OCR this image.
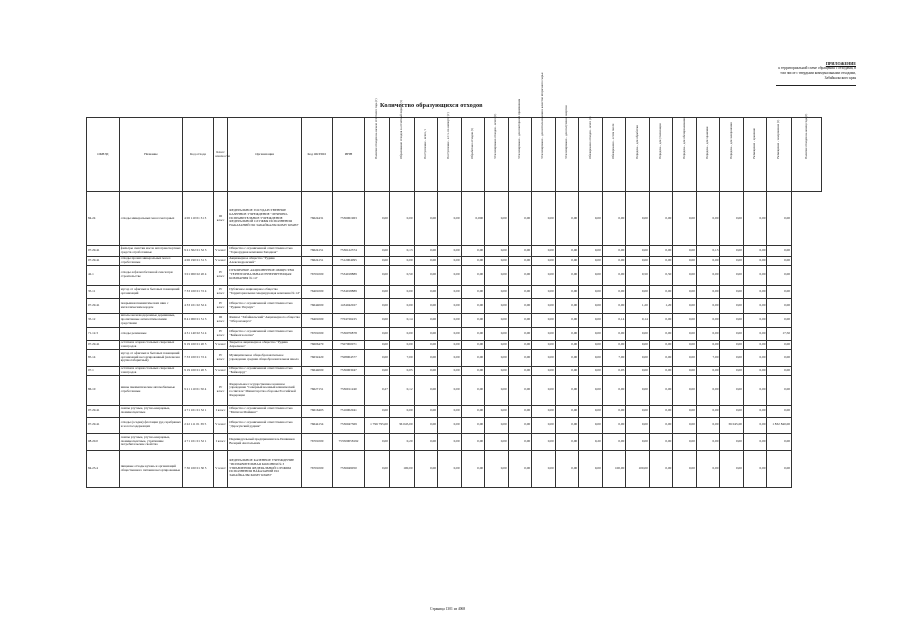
ПРИЛОЖЕНИЕ
к территориальной схеме обращения с отходами, в
том числе с твердыми коммунальными отходами,
Забайкальского края
Количество образующихся отходов
ОКВЭД	Название	Код отхода	Класс опасности	Организация	Код ОКТМО	ИНН	Наличие отходов на начало отчетного года (т)	Образование отходов за отчетный период (т)	Поступление - всего, т	Поступление - в т.ч. по импорту (т)	Обработано отходов (т)	Утилизировано отходов - всего (т)	Утилизировано - для повторного применения	Утилизировано - для использования в качестве вторичного сырья	Утилизировано - для получения энергии	Обезврежено отходов - всего (т)	Обезврежено - в том числе	Передача - для обработки	Передача - для утилизации	Передача - для обезвреживания	Передача - для хранения	Передача - для захоронения	Размещение - хранение	Размещение - захоронение (т)	Наличие отходов на конец года (т)

84.24	отходы минеральных масел моторных	4 06 110 01 31 3	III класс	ФЕДЕРАЛЬНОЕ ГОСУДАРСТВЕННОЕ КАЗЕННОЕ УЧРЕЖДЕНИЕ "ЛЕЧЕБНО-ИСПРАВИТЕЛЬНОЕ УЧРЕЖДЕНИЕ ФЕДЕРАЛЬНОЙ СЛУЖБЫ ИСПОЛНЕНИЯ НАКАЗАНИЙ ПО ЗАБАЙКАЛЬСКОМУ КРАЮ"	76624431	7536061963	0,00	0,00	0,00	0,00	0,000	0,00	0,00	0,00	0,00	0,00	0,00	0,00	0,00	0,00	0,00	0,00	0,00	0,00	
07.29.41	фильтры очистки масла автотранспортных средств отработанные	9 21 302 01 52 3	V класс	Общество с ограниченной ответственностью "Горнорудная компания Западная"	76624151	7536122374	0,00	0,13	0,00	0,00	0,00	0,00	0,00	0,00	0,00	0,00	0,00	0,00	0,00	0,00	0,13	0,00	0,00	0,00	
07.29.41	отходы прочих минеральных масел отработанные	4 06 190 01 31 3	V класс	Акционерное общество "Рудник Александровский"	76624151	7512004095	0,00	0,00	0,00	0,00	0,00	0,00	0,00	0,00	0,00	0,00	0,00	0,00	0,00	0,00	0,00	0,00	0,00	0,00	
42.1	отходы асфальтобетонной смеси при строительстве	3 01 000 02 20 4	IV класс	ПУБЛИЧНОЕ АКЦИОНЕРНОЕ ОБЩЕСТВО "ТЕРРИТОРИАЛЬНАЯ ГЕНЕРИРУЮЩАЯ КОМПАНИЯ № 14"	76701000	7534018889	0,00	0,50	0,00	0,00	0,00	0,00	0,00	0,00	0,00	0,00	0,00	0,50	0,50	0,00	0,00	0,00	0,00	0,00	
35.11	мусор от офисных и бытовых помещений организаций	7 33 100 01 72 4	IV класс	Публичное акционерное общество "Территориальная генерирующая компания № 14"	76401000	7534018889	0,00	0,00	0,00	0,00	0,00	0,00	0,00	0,00	0,00	0,00	0,00	0,00	0,00	0,00	0,00	0,00	0,00	0,00	
07.29.41	покрышки пневматических шин с металлическим кордом	4 33 101 02 52 4	IV класс	Общество с ограниченной ответственностью "Рудник Ушумун"	76644000	1434042027	0,00	0,00	0,00	0,00	0,00	0,00	0,00	0,00	0,00	0,00	0,00	1,20	1,20	0,00	0,00	0,00	0,00	0,00	
35.12	шпалы железнодорожные деревянные, пропитанные антисептическими средствами	8 41 000 01 51 3	III класс	Филиал "Забайкальский" Акционерного общества "Оборонэнерго"	76401000	7704726225	0,00	0,14	0,00	0,00	0,00	0,00	0,00	0,00	0,00	0,00	0,14	0,14	0,00	0,00	0,00	0,00	0,00	0,00	
71.12.3	отходы резиновые	4 31 140 02 51 4	IV класс	Общество с ограниченной ответственностью "Байкалгеология"	76701000	7536076878	0,00	0,00	0,00	0,00	0,00	0,00	0,00	0,00	0,00	0,00	0,00	0,00	0,00	0,00	0,00	0,00	0,00	17,50	
07.29.41	остатки и огарки стальных сварочных электродов	9 19 100 01 20 5	V класс	Закрытое акционерное общество "Рудник Апрелково"	76606470	7507000071	0,00	0,00	0,00	0,00	0,00	0,00	0,00	0,00	0,00	0,00	0,00	0,00	0,00	0,00	0,00	0,00	0,00	0,00	
85.14	мусор от офисных и бытовых помещений организаций несортированный (исключая крупногабаритный)	7 33 100 01 72 4	IV класс	Муниципальное общеобразовательное учреждение средняя общеобразовательная школа	76632420	7508004377	0,00	7,00	0,00	0,00	0,00	0,00	0,00	0,00	0,00	0,00	7,00	0,00	0,00	0,00	7,00	0,00	0,00	0,00	
07.1	остатки и огарки стальных сварочных электродов	9 19 100 01 20 5	V класс	Общество с ограниченной ответственностью "Байкалруд"	76644000	7536063047	0,00	0,05	0,00	0,00	0,00	0,00	0,00	0,00	0,00	0,00	0,05	0,00	0,00	0,00	0,00	0,00	0,00	0,00	
86.10	шины пневматические автомобильные отработанные	9 21 110 01 50 4	IV класс	Федеральное государственное казенное учреждение "Северный военный клинический госпиталь" Министерства обороны Российской Федерации	76627151	7536911240	0,27	0,12	0,00	0,00	0,00	0,00	0,00	0,00	0,00	0,00	0,00	0,00	0,00	0,00	0,00	0,00	0,00	0,00	
07.29.41	лампы ртутные, ртутно-кварцевые, люминесцентные	4 71 101 01 52 1	I класс	Общество с ограниченной ответственностью "Матиган Майнинг"	76616403	7516002041	0,00	0,00	0,00	0,00	0,00	0,00	0,00	0,00	0,00	0,00	0,00	0,00	0,00	0,00	0,00	0,00	0,00	0,00	
07.29.41	отходы (осадки) флотации руд серебряных и золотосодержащих	2 22 111 01 39 5	V класс	Общество с ограниченной ответственностью "Дарасунский рудник"	76644154	7536047369	1 796 795,00	36 045,00	0,00	0,00	0,00	0,00	0,00	0,00	0,00	0,00	0,00	0,00	0,00	0,00	0,00	36 045,00	0,00	1 832 840,00	
08.20.0	лампы ртутные, ртутно-кварцевые, люминесцентные, утратившие потребительские свойства	4 71 101 01 52 1	I класс	Индивидуальный предприниматель Пешников Валерий Анатольевич	76701000	753500058192	0,00	0,20	0,00	0,00	0,00	0,00	0,00	0,00	0,00	0,20	0,00	0,00	0,00	0,00	0,00	0,00	0,00	0,00	
84.23.4	пищевые отходы кухонь и организаций общественного питания несортированные	7 36 100 01 30 5	V класс	ФЕДЕРАЛЬНОЕ КАЗЕННОЕ УЧРЕЖДЕНИЕ "ИСПРАВИТЕЛЬНАЯ КОЛОНИЯ № 3 УПРАВЛЕНИЯ ФЕДЕРАЛЬНОЙ СЛУЖБЫ ИСПОЛНЕНИЯ НАКАЗАНИЙ ПО ЗАБАЙКАЛЬСКОМУ КРАЮ"	76701000	7536049050	0,00	100,00	0,00	0,00	0,00	0,00	0,00	0,00	0,00	0,00	100,00	100,00	0,00	0,00	0,00	0,00	0,00	0,00	
Страница 1301 из 4068
